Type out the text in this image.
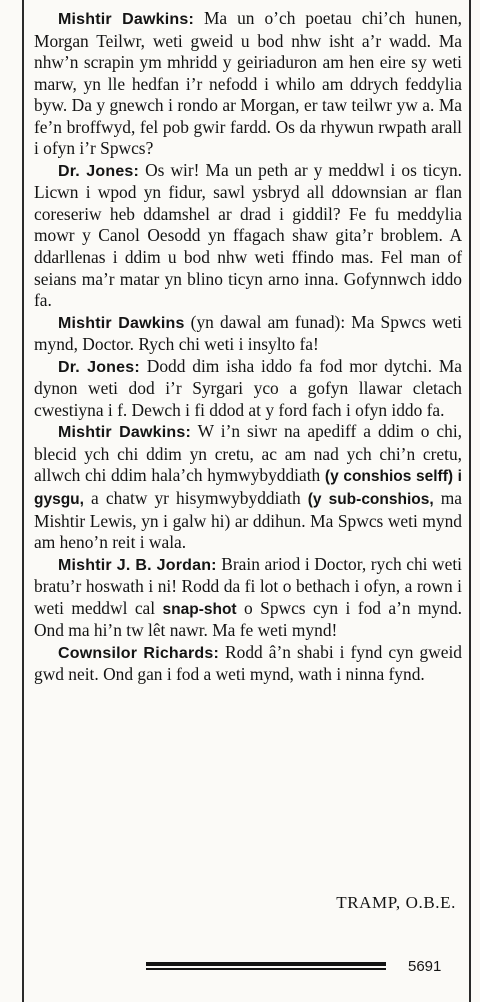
Mishtir Dawkins: Ma un o’ch poetau chi’ch hunen, Morgan Teilwr, weti gweid u bod nhw isht a’r wadd. Ma nhw’n scrapin ym mhridd y geiriaduron am hen eire sy weti marw, yn lle hedfan i’r nefodd i whilo am ddrych feddylia byw. Da y gnewch i rondo ar Morgan, er taw teilwr yw a. Ma fe’n broffwyd, fel pob gwir fardd. Os da rhywun rwpath arall i ofyn i’r Spwcs?

Dr. Jones: Os wir! Ma un peth ar y meddwl i os ticyn. Licwn i wpod yn fidur, sawl ysbryd all ddownsian ar flan coreseriw heb ddamshel ar drad i giddil? Fe fu meddylia mowr y Canol Oesodd yn ffagach shaw gita’r broblem. A ddarllenas i ddim u bod nhw weti ffindo mas. Fel man of seians ma’r matar yn blino ticyn arno inna. Gofynnwch iddo fa.

Mishtir Dawkins (yn dawal am funad): Ma Spwcs weti mynd, Doctor. Rych chi weti i insylto fa!

Dr. Jones: Dodd dim isha iddo fa fod mor dytchi. Ma dynon weti dod i’r Syrgari yco a gofyn llawar cletach cwestiyna i f. Dewch i fi ddod at y ford fach i ofyn iddo fa.

Mishtir Dawkins: W i’n siwr na apediff a ddim o chi, blecid ych chi ddim yn cretu, ac am nad ych chi’n cretu, allwch chi ddim hala’ch hymwybyddiath (y conshios selff) i gysgu, a chatw yr hisymwybyddiath (y sub-conshios, ma Mishtir Lewis, yn i galw hi) ar ddihun. Ma Spwcs weti mynd am heno’n reit i wala.

Mishtir J. B. Jordan: Brain ariod i Doctor, rych chi weti bratu’r hoswath i ni! Rodd da fi lot o bethach i ofyn, a rown i weti meddwl cal snap-shot o Spwcs cyn i fod a’n mynd. Ond ma hi’n tw lêt nawr. Ma fe weti mynd!

Cownsilor Richards: Rodd â’n shabi i fynd cyn gweid gwd neit. Ond gan i fod a weti mynd, wath i ninna fynd.

TRAMP, O.B.E.
5691
